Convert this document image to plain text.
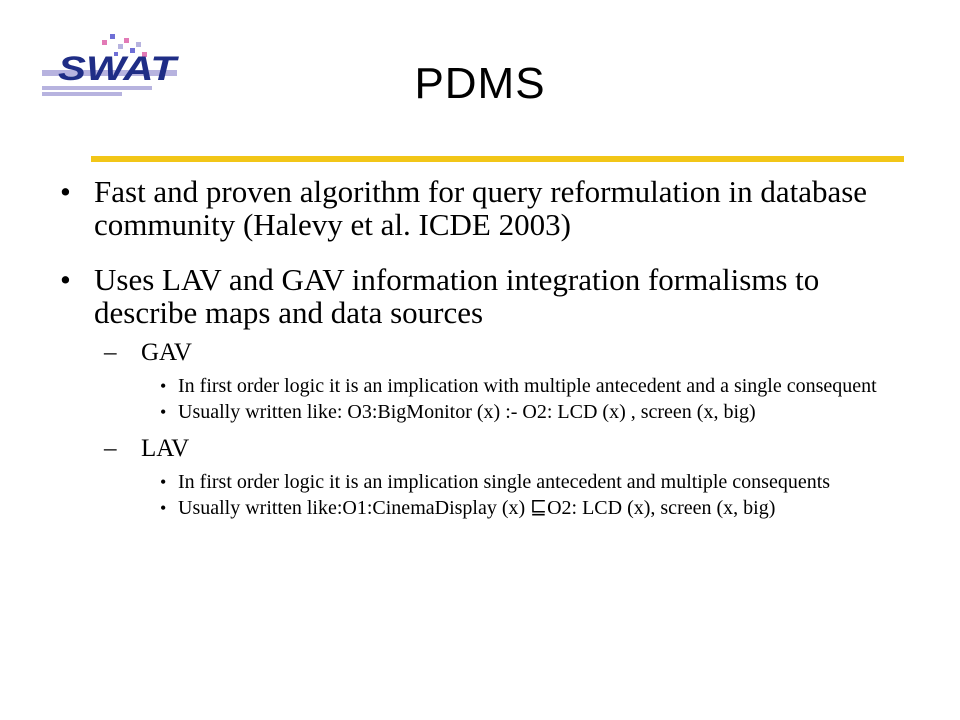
SWAT	PDMS
• Fast and proven algorithm for query reformulation in database community (Halevy et al. ICDE 2003)
• Uses LAV and GAV information integration formalisms to describe maps and data sources
– GAV
• In first order logic it is an implication with multiple antecedent and a single consequent
• Usually written like: O3:BigMonitor (x) :- O2: LCD (x) , screen (x, big)
– LAV
• In first order logic it is an implication single antecedent and multiple consequents
• Usually written like:O1:CinemaDisplay (x) ⊑O2: LCD (x), screen (x, big)
